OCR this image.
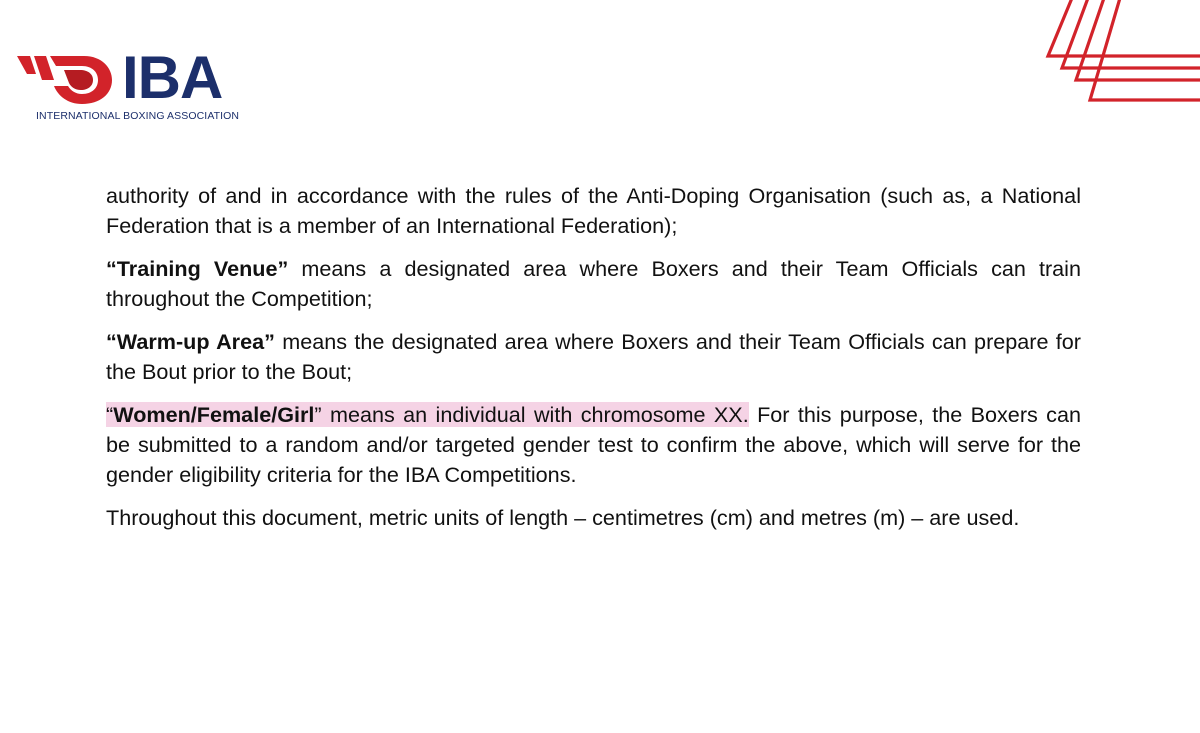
IBA
INTERNATIONAL BOXING ASSOCIATION

authority of and in accordance with the rules of the Anti-Doping Organisation (such as, a National Federation that is a member of an International Federation);

“Training Venue” means a designated area where Boxers and their Team Officials can train throughout the Competition;

“Warm-up Area” means the designated area where Boxers and their Team Officials can prepare for the Bout prior to the Bout;

“Women/Female/Girl” means an individual with chromosome XX. For this purpose, the Boxers can be submitted to a random and/or targeted gender test to confirm the above, which will serve for the gender eligibility criteria for the IBA Competitions.

Throughout this document, metric units of length – centimetres (cm) and metres (m) – are used.
